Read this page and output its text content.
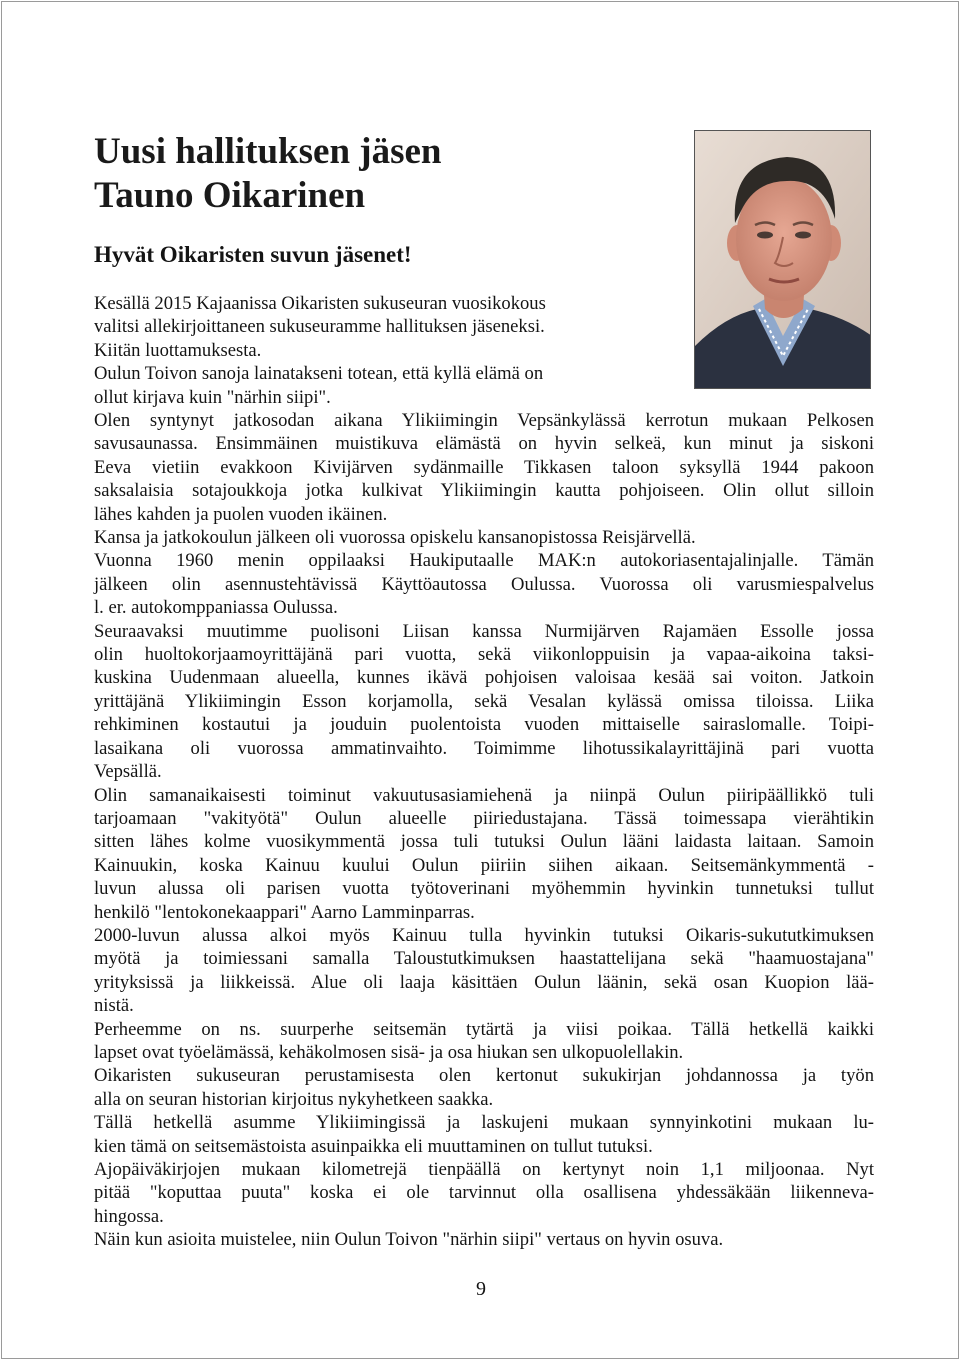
Uusi hallituksen jäsen
Tauno Oikarinen
Hyvät Oikaristen suvun jäsenet!
Kesällä 2015 Kajaanissa Oikaristen sukuseuran vuosikokous
valitsi allekirjoittaneen sukuseuramme hallituksen jäseneksi.
Kiitän luottamuksesta.
Oulun Toivon sanoja lainatakseni totean, että kyllä elämä on
ollut kirjava kuin "närhin siipi".
Olen syntynyt jatkosodan aikana Ylikiimingin Vepsänkylässä kerrotun mukaan Pelkosen
savusaunassa. Ensimmäinen muistikuva elämästä on hyvin selkeä, kun minut ja siskoni
Eeva vietiin evakkoon Kivijärven sydänmaille Tikkasen taloon syksyllä 1944 pakoon
saksalaisia sotajoukkoja jotka kulkivat Ylikiimingin kautta pohjoiseen. Olin ollut silloin
lähes kahden ja puolen vuoden ikäinen.
Kansa ja jatkokoulun jälkeen oli vuorossa opiskelu kansanopistossa Reisjärvellä.
Vuonna 1960 menin oppilaaksi Haukiputaalle MAK:n autokoriasentajalinjalle. Tämän
jälkeen olin asennustehtävissä Käyttöautossa Oulussa. Vuorossa oli varusmiespalvelus
l. er. autokomppaniassa Oulussa.
Seuraavaksi muutimme puolisoni Liisan kanssa Nurmijärven Rajamäen Essolle jossa
olin huoltokorjaamoyrittäjänä pari vuotta, sekä viikonloppuisin ja vapaa-aikoina taksi-
kuskina Uudenmaan alueella, kunnes ikävä pohjoisen valoisaa kesää sai voiton. Jatkoin
yrittäjänä Ylikiimingin Esson korjamolla, sekä Vesalan kylässä omissa tiloissa. Liika
rehkiminen kostautui ja jouduin puolentoista vuoden mittaiselle sairaslomalle. Toipi-
lasaikana oli vuorossa ammatinvaihto. Toimimme lihotussikalayrittäjinä pari vuotta
Vepsällä.
Olin samanaikaisesti toiminut vakuutusasiamiehenä ja niinpä Oulun piiripäällikkö tuli
tarjoamaan "vakityötä" Oulun alueelle piiriedustajana. Tässä toimessapa vierähtikin
sitten lähes kolme vuosikymmentä jossa tuli tutuksi Oulun lääni laidasta laitaan. Samoin
Kainuukin, koska Kainuu kuului Oulun piiriin siihen aikaan. Seitsemänkymmentä -
luvun alussa oli parisen vuotta työtoverinani myöhemmin hyvinkin tunnetuksi tullut
henkilö "lentokonekaappari" Aarno Lamminparras.
2000-luvun alussa alkoi myös Kainuu tulla hyvinkin tutuksi Oikaris-sukututkimuksen
myötä ja toimiessani samalla Taloustutkimuksen haastattelijana sekä "haamuostajana"
yrityksissä ja liikkeissä. Alue oli laaja käsittäen Oulun läänin, sekä osan Kuopion lää-
nistä.
Perheemme on ns. suurperhe seitsemän tytärtä ja viisi poikaa. Tällä hetkellä kaikki
lapset ovat työelämässä, kehäkolmosen sisä- ja osa hiukan sen ulkopuolellakin.
Oikaristen sukuseuran perustamisesta olen kertonut sukukirjan johdannossa ja työn
alla on seuran historian kirjoitus nykyhetkeen saakka.
Tällä hetkellä asumme Ylikiimingissä ja laskujeni mukaan synnyinkotini mukaan lu-
kien tämä on seitsemästoista asuinpaikka eli muuttaminen on tullut tutuksi.
Ajopäiväkirjojen mukaan kilometrejä tienpäällä on kertynyt noin 1,1 miljoonaa. Nyt
pitää "koputtaa puuta" koska ei ole tarvinnut olla osallisena yhdessäkään liikenneva-
hingossa.
Näin kun asioita muistelee, niin Oulun Toivon "närhin siipi" vertaus on hyvin osuva.
9
